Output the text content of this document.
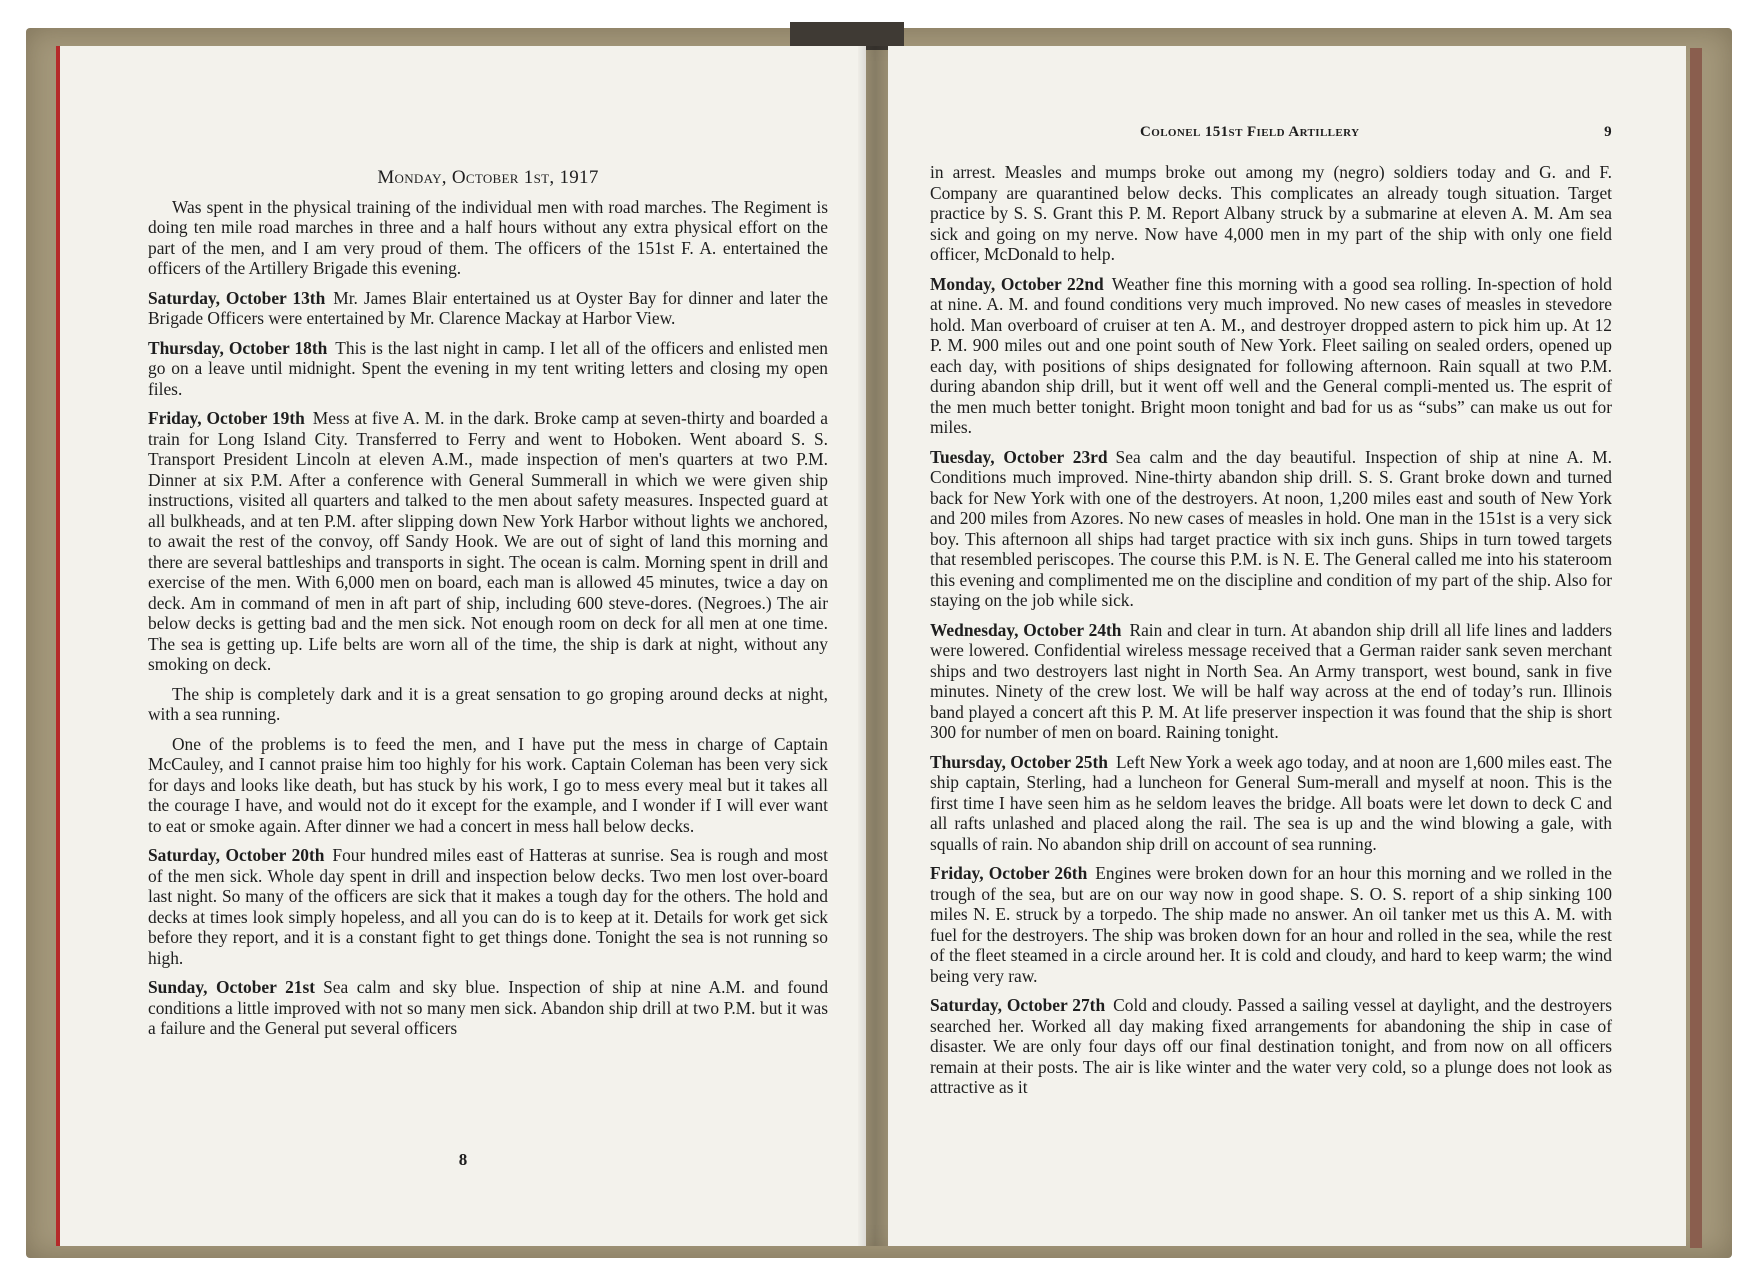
Monday, October 1st, 1917

Was spent in the physical training of the individual men with road marches. The Regiment is doing ten mile road marches in three and a half hours without any extra physical effort on the part of the men, and I am very proud of them. The officers of the 151st F. A. entertained the officers of the Artillery Brigade this evening.

Saturday, October 13th Mr. James Blair entertained us at Oyster Bay for dinner and later the Brigade Officers were entertained by Mr. Clarence Mackay at Harbor View.

Thursday, October 18th This is the last night in camp. I let all of the officers and enlisted men go on a leave until midnight. Spent the evening in my tent writing letters and closing my open files.

Friday, October 19th Mess at five A. M. in the dark. Broke camp at seven-thirty and boarded a train for Long Island City. Transferred to Ferry and went to Hoboken. Went aboard S. S. Transport President Lincoln at eleven A.M., made inspection of men's quarters at two P.M. Dinner at six P.M. After a conference with General Summerall in which we were given ship instructions, visited all quarters and talked to the men about safety measures. Inspected guard at all bulkheads, and at ten P.M. after slipping down New York Harbor without lights we anchored, to await the rest of the convoy, off Sandy Hook. We are out of sight of land this morning and there are several battleships and transports in sight. The ocean is calm. Morning spent in drill and exercise of the men. With 6,000 men on board, each man is allowed 45 minutes, twice a day on deck. Am in command of men in aft part of ship, including 600 steve-dores. (Negroes.) The air below decks is getting bad and the men sick. Not enough room on deck for all men at one time. The sea is getting up. Life belts are worn all of the time, the ship is dark at night, without any smoking on deck.

The ship is completely dark and it is a great sensation to go groping around decks at night, with a sea running.

One of the problems is to feed the men, and I have put the mess in charge of Captain McCauley, and I cannot praise him too highly for his work. Captain Coleman has been very sick for days and looks like death, but has stuck by his work, I go to mess every meal but it takes all the courage I have, and would not do it except for the example, and I wonder if I will ever want to eat or smoke again. After dinner we had a concert in mess hall below decks.

Saturday, October 20th Four hundred miles east of Hatteras at sunrise. Sea is rough and most of the men sick. Whole day spent in drill and inspection below decks. Two men lost over-board last night. So many of the officers are sick that it makes a tough day for the others. The hold and decks at times look simply hopeless, and all you can do is to keep at it. Details for work get sick before they report, and it is a constant fight to get things done. Tonight the sea is not running so high.

Sunday, October 21st Sea calm and sky blue. Inspection of ship at nine A.M. and found conditions a little improved with not so many men sick. Abandon ship drill at two P.M. but it was a failure and the General put several officers

8
Colonel 151st Field Artillery	9

in arrest. Measles and mumps broke out among my (negro) soldiers today and G. and F. Company are quarantined below decks. This complicates an already tough situation. Target practice by S. S. Grant this P. M. Report Albany struck by a submarine at eleven A. M. Am sea sick and going on my nerve. Now have 4,000 men in my part of the ship with only one field officer, McDonald to help.

Monday, October 22nd Weather fine this morning with a good sea rolling. In-spection of hold at nine. A. M. and found conditions very much improved. No new cases of measles in stevedore hold. Man overboard of cruiser at ten A. M., and destroyer dropped astern to pick him up. At 12 P. M. 900 miles out and one point south of New York. Fleet sailing on sealed orders, opened up each day, with positions of ships designated for following afternoon. Rain squall at two P.M. during abandon ship drill, but it went off well and the General compli-mented us. The esprit of the men much better tonight. Bright moon tonight and bad for us as “subs” can make us out for miles.

Tuesday, October 23rd Sea calm and the day beautiful. Inspection of ship at nine A. M. Conditions much improved. Nine-thirty abandon ship drill. S. S. Grant broke down and turned back for New York with one of the destroyers. At noon, 1,200 miles east and south of New York and 200 miles from Azores. No new cases of measles in hold. One man in the 151st is a very sick boy. This afternoon all ships had target practice with six inch guns. Ships in turn towed targets that resembled periscopes. The course this P.M. is N. E. The General called me into his stateroom this evening and complimented me on the discipline and condition of my part of the ship. Also for staying on the job while sick.

Wednesday, October 24th Rain and clear in turn. At abandon ship drill all life lines and ladders were lowered. Confidential wireless message received that a German raider sank seven merchant ships and two destroyers last night in North Sea. An Army transport, west bound, sank in five minutes. Ninety of the crew lost. We will be half way across at the end of today’s run. Illinois band played a concert aft this P. M. At life preserver inspection it was found that the ship is short 300 for number of men on board. Raining tonight.

Thursday, October 25th Left New York a week ago today, and at noon are 1,600 miles east. The ship captain, Sterling, had a luncheon for General Sum-merall and myself at noon. This is the first time I have seen him as he seldom leaves the bridge. All boats were let down to deck C and all rafts unlashed and placed along the rail. The sea is up and the wind blowing a gale, with squalls of rain. No abandon ship drill on account of sea running.

Friday, October 26th Engines were broken down for an hour this morning and we rolled in the trough of the sea, but are on our way now in good shape. S. O. S. report of a ship sinking 100 miles N. E. struck by a torpedo. The ship made no answer. An oil tanker met us this A. M. with fuel for the destroyers. The ship was broken down for an hour and rolled in the sea, while the rest of the fleet steamed in a circle around her. It is cold and cloudy, and hard to keep warm; the wind being very raw.

Saturday, October 27th Cold and cloudy. Passed a sailing vessel at daylight, and the destroyers searched her. Worked all day making fixed arrangements for abandoning the ship in case of disaster. We are only four days off our final destination tonight, and from now on all officers remain at their posts. The air is like winter and the water very cold, so a plunge does not look as attractive as it
